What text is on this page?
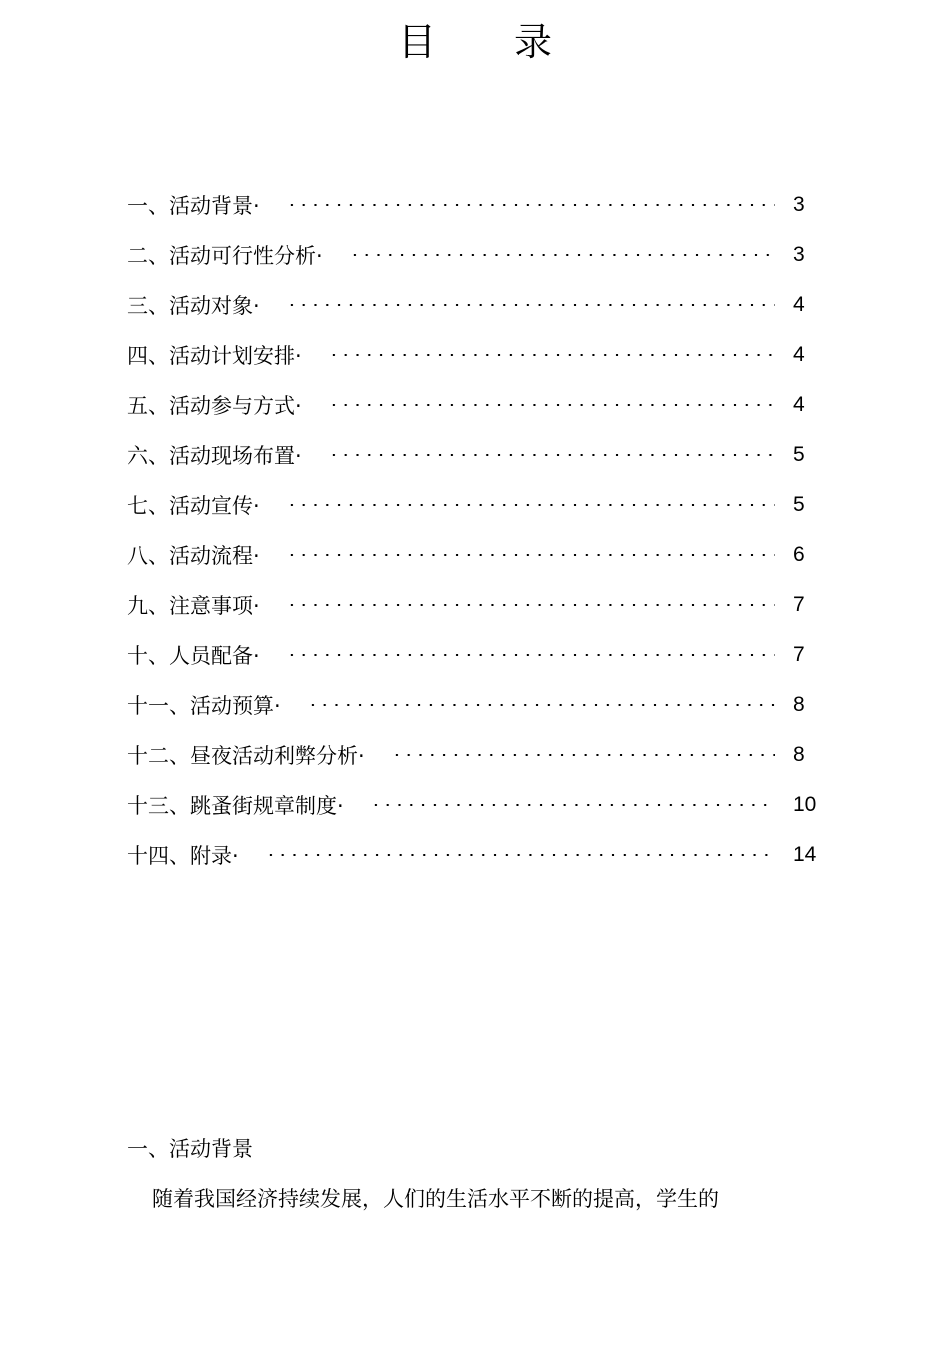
目 录
一、活动背景·	3
二、活动可行性分析·	3
三、活动对象·	4
四、活动计划安排·	4
五、活动参与方式·	4
六、活动现场布置·	5
七、活动宣传·	5
八、活动流程·	6
九、注意事项·	7
十、人员配备·	7
十一、活动预算·	8
十二、昼夜活动利弊分析·	8
十三、跳蚤街规章制度·	10
十四、附录·	14
一、活动背景

随着我国经济持续发展，人们的生活水平不断的提高，学生的
